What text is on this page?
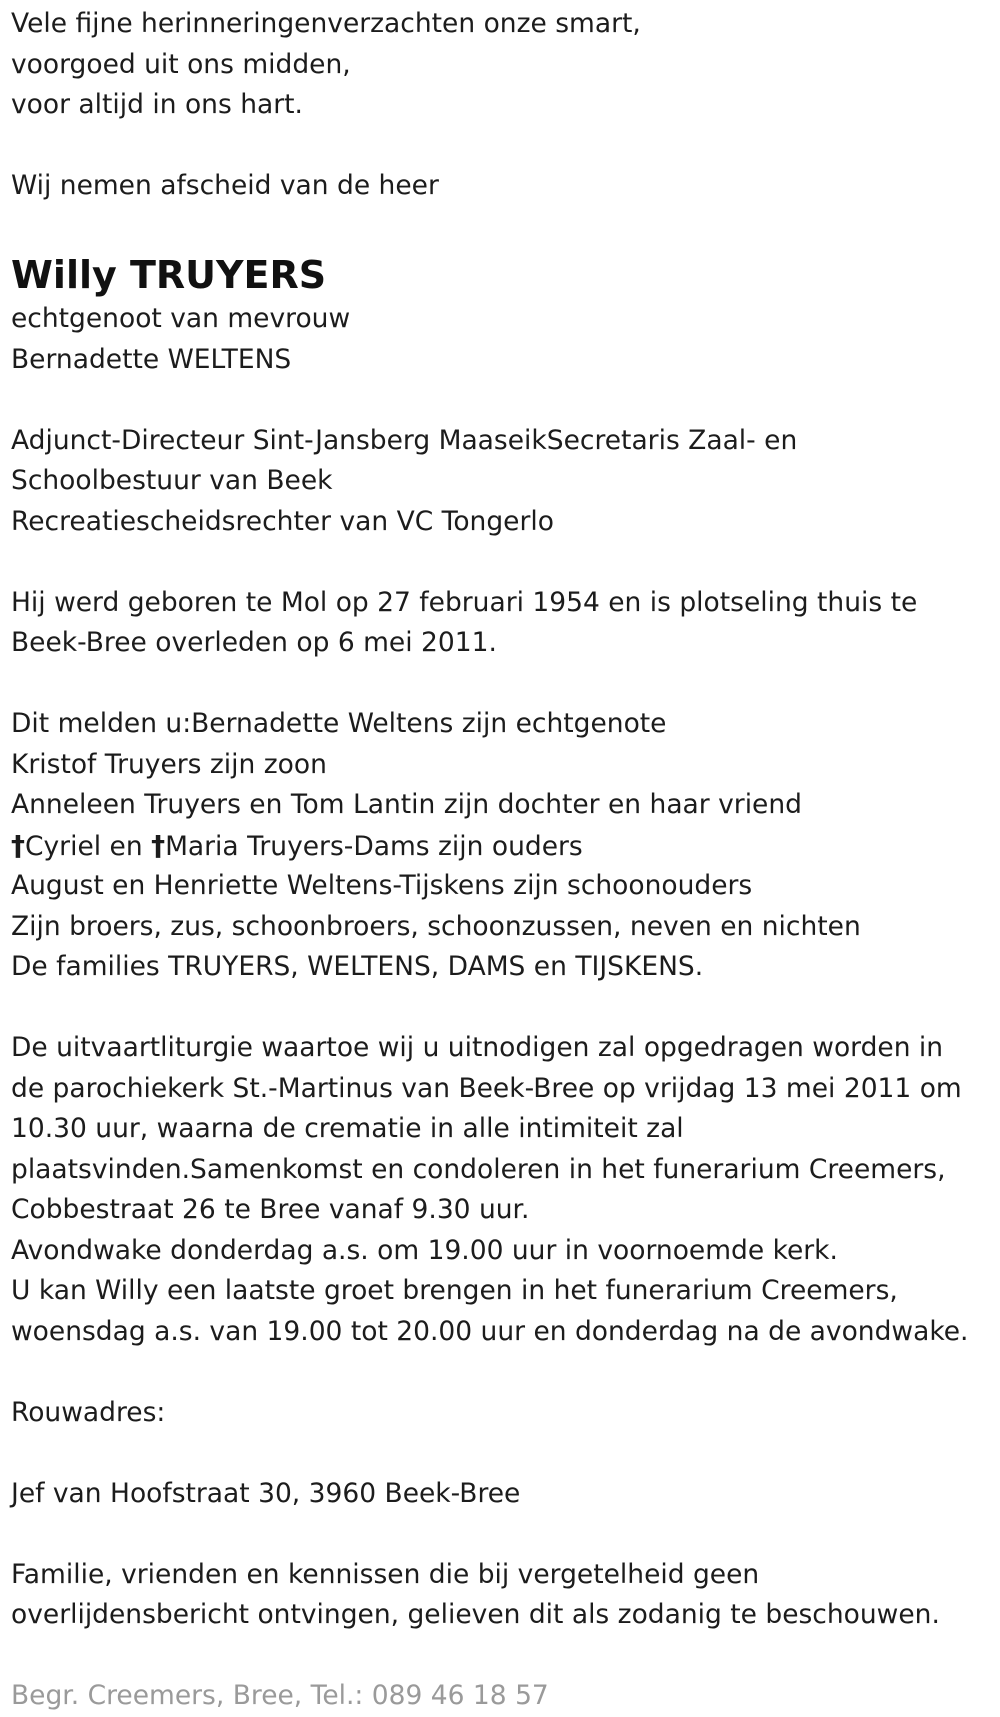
Vele fijne herinneringenverzachten onze smart,
voorgoed uit ons midden,
voor altijd in ons hart.
Wij nemen afscheid van de heer
Willy TRUYERS
echtgenoot van mevrouw
Bernadette WELTENS
Adjunct-Directeur Sint-Jansberg MaaseikSecretaris Zaal- en
Schoolbestuur van Beek
Recreatiescheidsrechter van VC Tongerlo
Hij werd geboren te Mol op 27 februari 1954 en is plotseling thuis te
Beek-Bree overleden op 6 mei 2011.
Dit melden u:Bernadette Weltens zijn echtgenote
Kristof Truyers zijn zoon
Anneleen Truyers en Tom Lantin zijn dochter en haar vriend
†Cyriel en †Maria Truyers-Dams zijn ouders
August en Henriette Weltens-Tijskens zijn schoonouders
Zijn broers, zus, schoonbroers, schoonzussen, neven en nichten
De families TRUYERS, WELTENS, DAMS en TIJSKENS.
De uitvaartliturgie waartoe wij u uitnodigen zal opgedragen worden in
de parochiekerk St.-Martinus van Beek-Bree op vrijdag 13 mei 2011 om
10.30 uur, waarna de crematie in alle intimiteit zal
plaatsvinden.Samenkomst en condoleren in het funerarium Creemers,
Cobbestraat 26 te Bree vanaf 9.30 uur.
Avondwake donderdag a.s. om 19.00 uur in voornoemde kerk.
U kan Willy een laatste groet brengen in het funerarium Creemers,
woensdag a.s. van 19.00 tot 20.00 uur en donderdag na de avondwake.
Rouwadres:
Jef van Hoofstraat 30, 3960 Beek-Bree
Familie, vrienden en kennissen die bij vergetelheid geen
overlijdensbericht ontvingen, gelieven dit als zodanig te beschouwen.
Begr. Creemers, Bree, Tel.: 089 46 18 57
